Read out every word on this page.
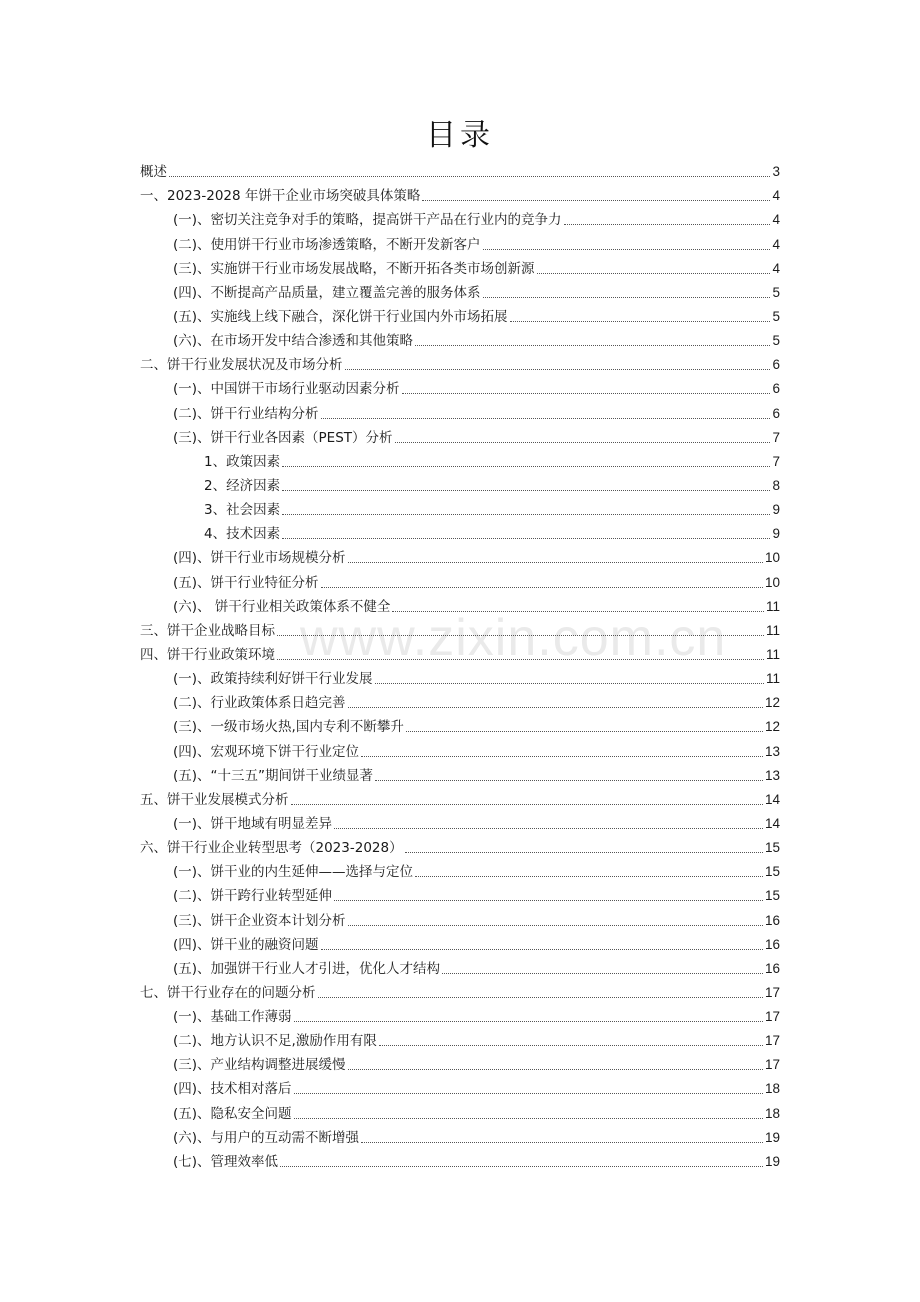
目录
www.zixin.com.cn
概述	3
一、2023-2028 年饼干企业市场突破具体策略	4
(一)、密切关注竞争对手的策略，提高饼干产品在行业内的竞争力	4
(二)、使用饼干行业市场渗透策略，不断开发新客户	4
(三)、实施饼干行业市场发展战略，不断开拓各类市场创新源	4
(四)、不断提高产品质量，建立覆盖完善的服务体系	5
(五)、实施线上线下融合，深化饼干行业国内外市场拓展	5
(六)、在市场开发中结合渗透和其他策略	5
二、饼干行业发展状况及市场分析	6
(一)、中国饼干市场行业驱动因素分析	6
(二)、饼干行业结构分析	6
(三)、饼干行业各因素（PEST）分析	7
1、政策因素	7
2、经济因素	8
3、社会因素	9
4、技术因素	9
(四)、饼干行业市场规模分析	10
(五)、饼干行业特征分析	10
(六)、 饼干行业相关政策体系不健全	11
三、饼干企业战略目标	11
四、饼干行业政策环境	11
(一)、政策持续利好饼干行业发展	11
(二)、行业政策体系日趋完善	12
(三)、一级市场火热,国内专利不断攀升	12
(四)、宏观环境下饼干行业定位	13
(五)、“十三五”期间饼干业绩显著	13
五、饼干业发展模式分析	14
(一)、饼干地域有明显差异	14
六、饼干行业企业转型思考（2023-2028）	15
(一)、饼干业的内生延伸——选择与定位	15
(二)、饼干跨行业转型延伸	15
(三)、饼干企业资本计划分析	16
(四)、饼干业的融资问题	16
(五)、加强饼干行业人才引进，优化人才结构	16
七、饼干行业存在的问题分析	17
(一)、基础工作薄弱	17
(二)、地方认识不足,激励作用有限	17
(三)、产业结构调整进展缓慢	17
(四)、技术相对落后	18
(五)、隐私安全问题	18
(六)、与用户的互动需不断增强	19
(七)、管理效率低	19
